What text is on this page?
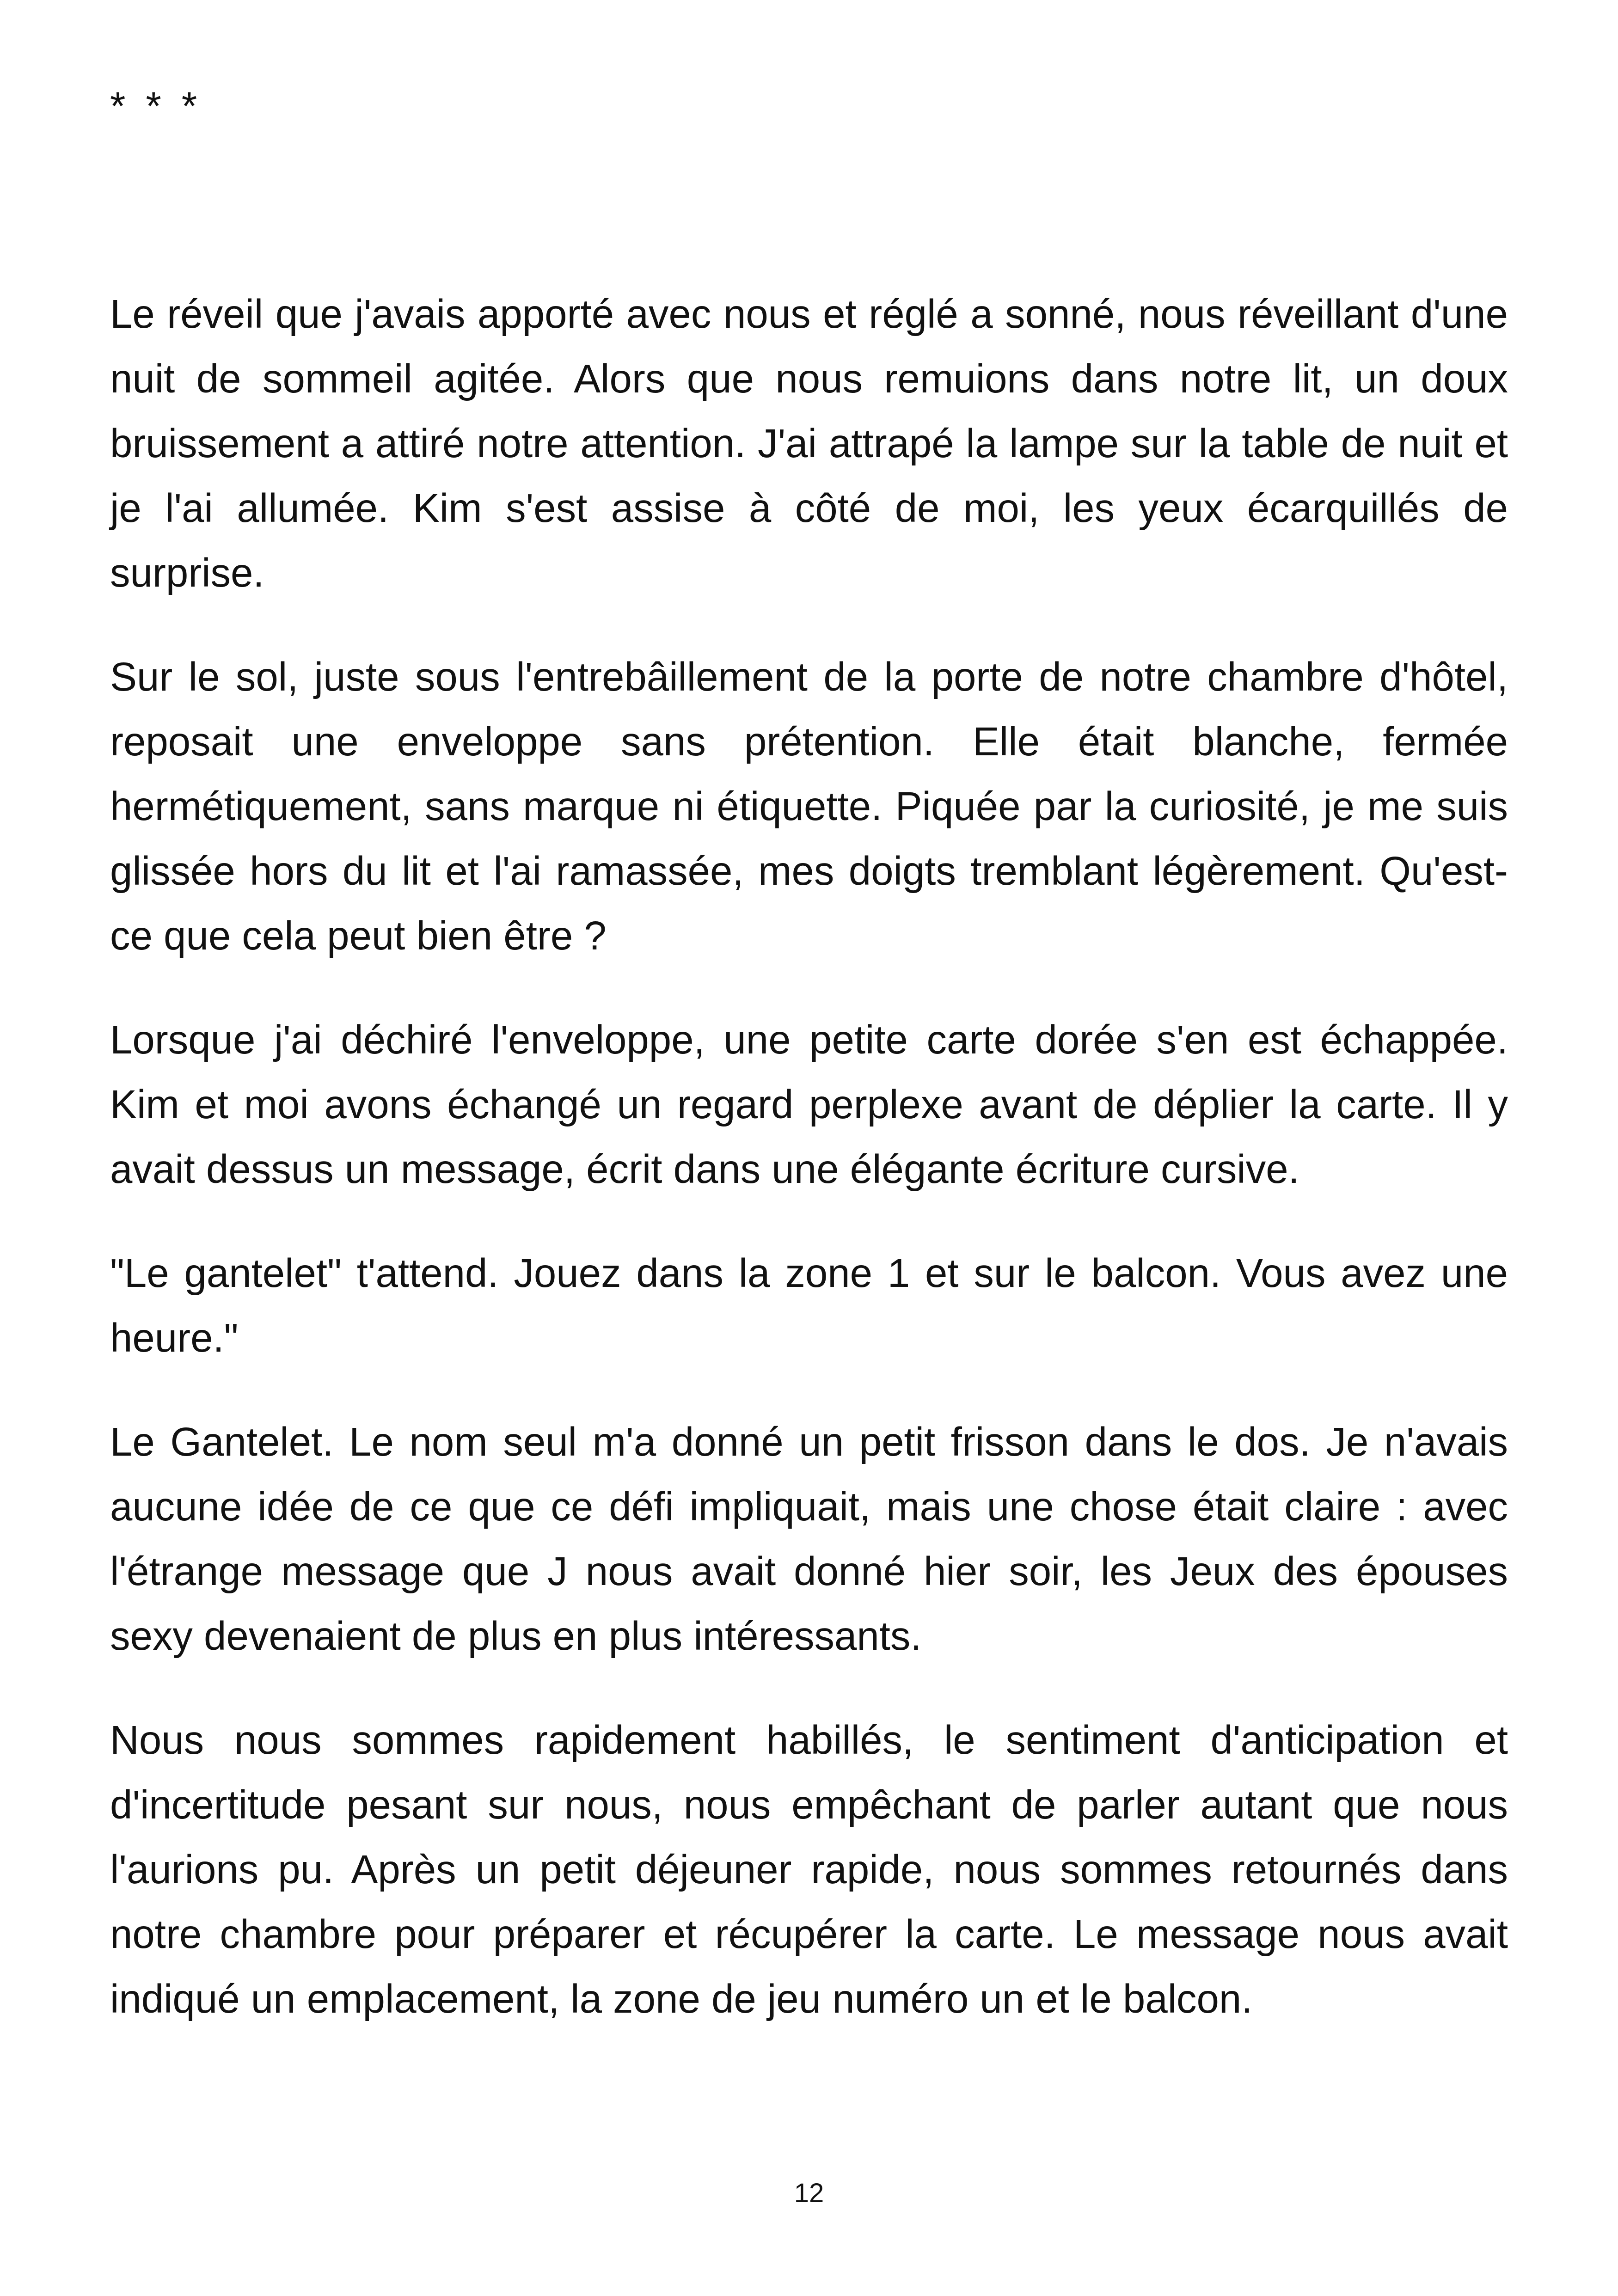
* * *

Le réveil que j'avais apporté avec nous et réglé a sonné, nous réveillant d'une nuit de sommeil agitée. Alors que nous remuions dans notre lit, un doux bruissement a attiré notre attention. J'ai attrapé la lampe sur la table de nuit et je l'ai allumée. Kim s'est assise à côté de moi, les yeux écarquillés de surprise.

Sur le sol, juste sous l'entrebâillement de la porte de notre chambre d'hôtel, reposait une enveloppe sans prétention. Elle était blanche, fermée hermétiquement, sans marque ni étiquette. Piquée par la curiosité, je me suis glissée hors du lit et l'ai ramassée, mes doigts tremblant légèrement. Qu'est-ce que cela peut bien être ?

Lorsque j'ai déchiré l'enveloppe, une petite carte dorée s'en est échappée. Kim et moi avons échangé un regard perplexe avant de déplier la carte. Il y avait dessus un message, écrit dans une élégante écriture cursive.

"Le gantelet" t'attend. Jouez dans la zone 1 et sur le balcon. Vous avez une heure."

Le Gantelet. Le nom seul m'a donné un petit frisson dans le dos. Je n'avais aucune idée de ce que ce défi impliquait, mais une chose était claire : avec l'étrange message que J nous avait donné hier soir, les Jeux des épouses sexy devenaient de plus en plus intéressants.

Nous nous sommes rapidement habillés, le sentiment d'anticipation et d'incertitude pesant sur nous, nous empêchant de parler autant que nous l'aurions pu. Après un petit déjeuner rapide, nous sommes retournés dans notre chambre pour préparer et récupérer la carte. Le message nous avait indiqué un emplacement, la zone de jeu numéro un et le balcon.

12
